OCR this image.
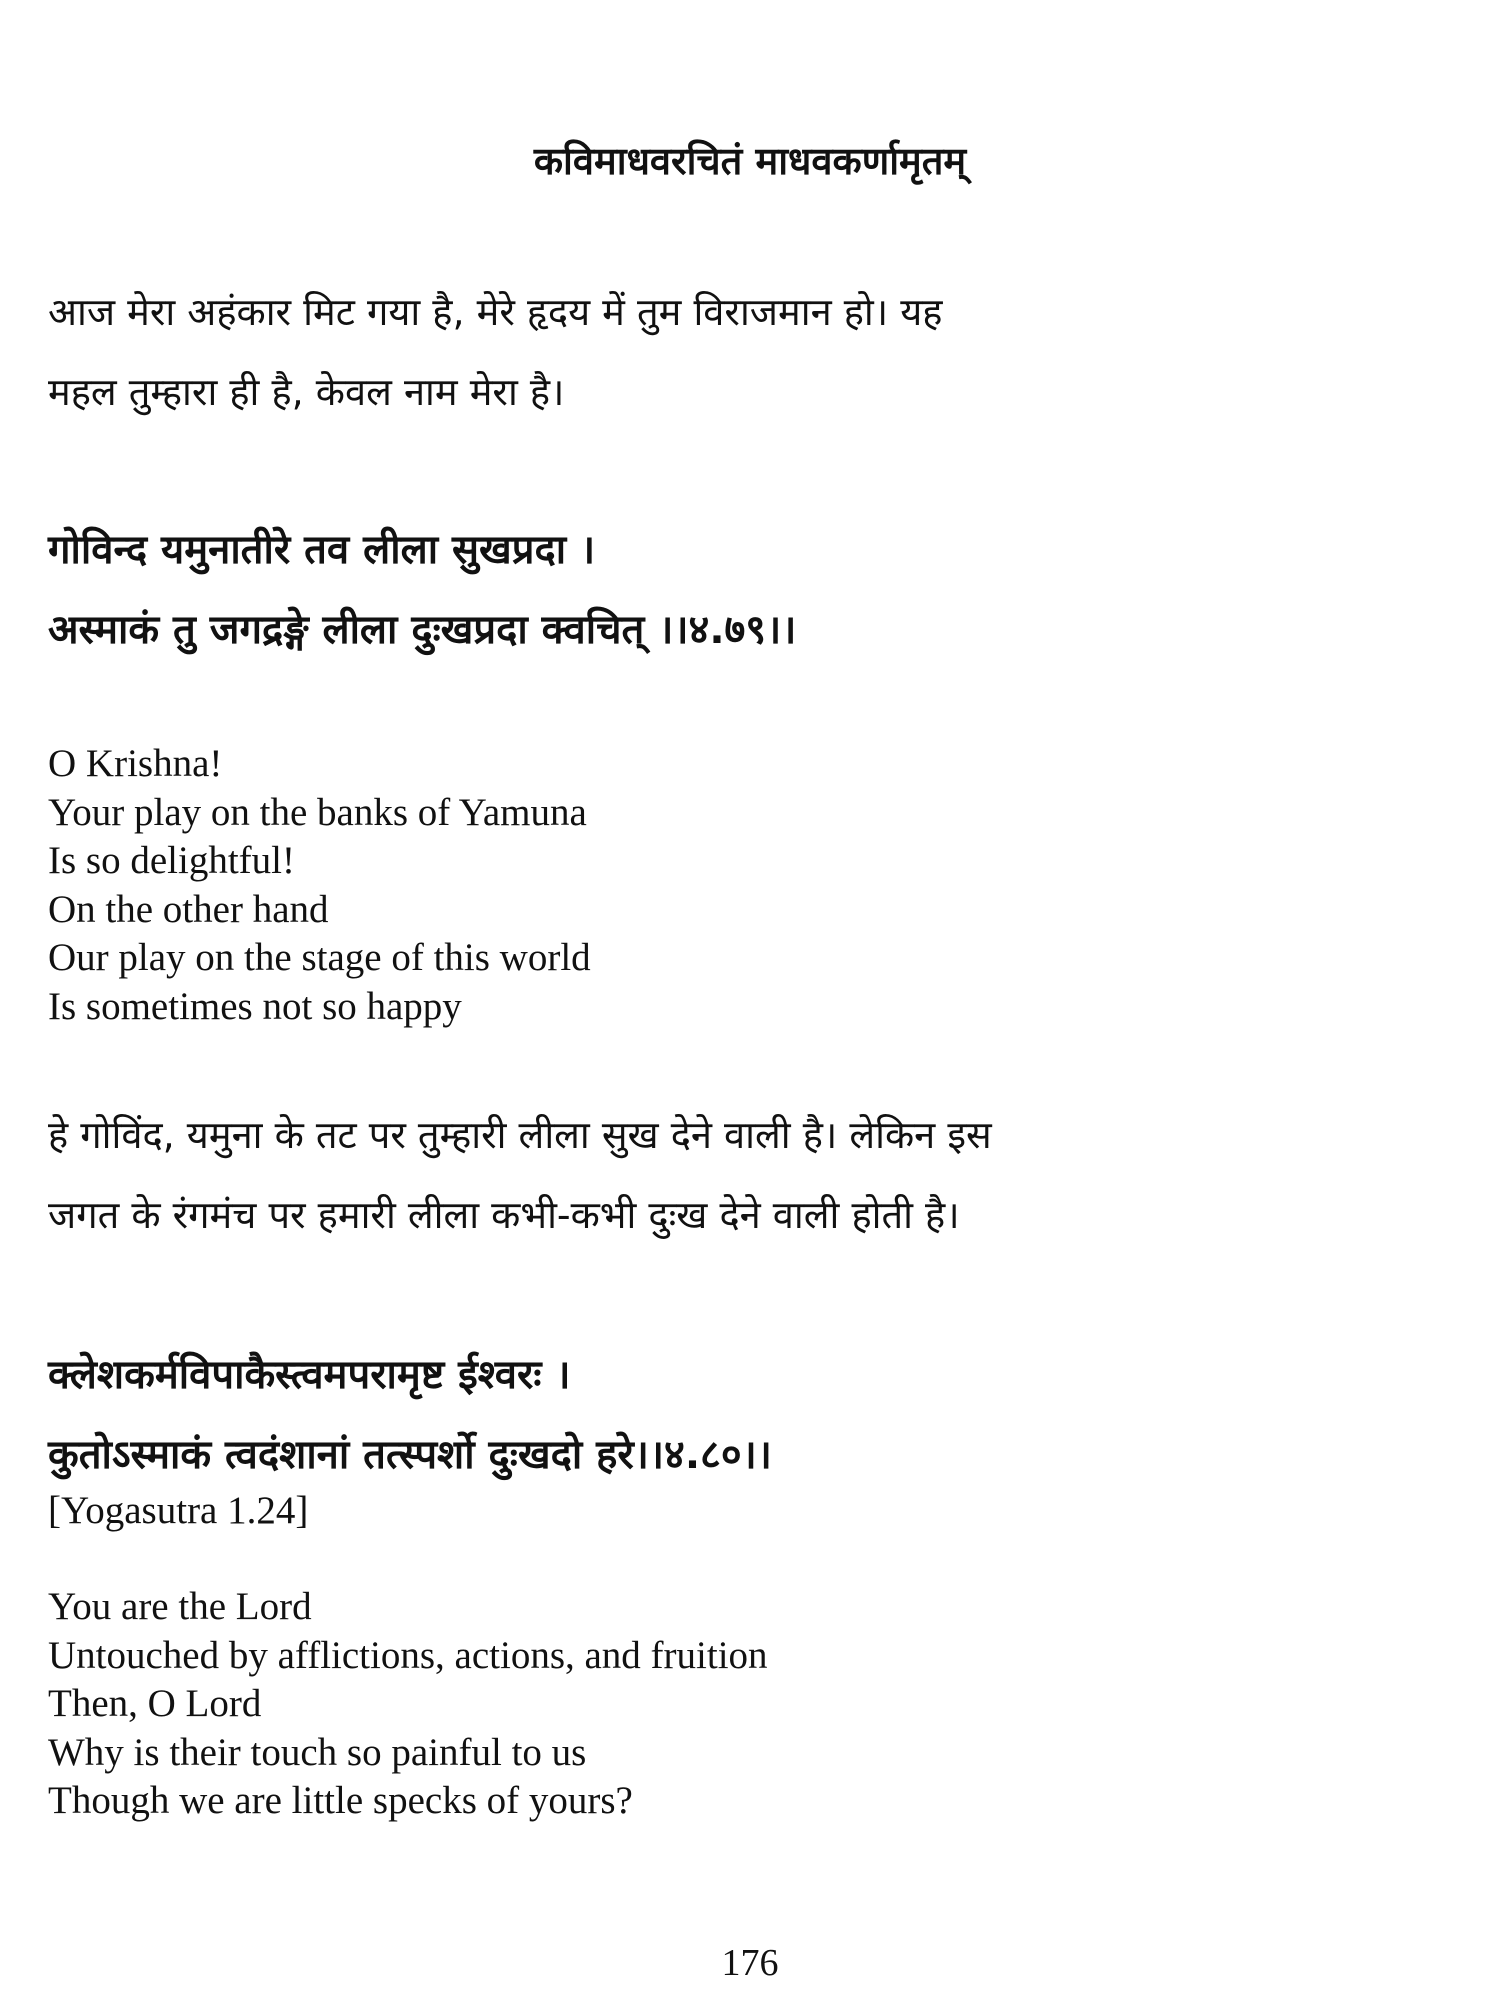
कविमाधवरचितं माधवकर्णामृतम्
आज मेरा अहंकार मिट गया है, मेरे हृदय में तुम विराजमान हो। यह
महल तुम्हारा ही है, केवल नाम मेरा है।
गोविन्द यमुनातीरे तव लीला सुखप्रदा ।
अस्माकं तु जगद्रङ्गे लीला दुःखप्रदा क्वचित् ।।४.७९।।
O Krishna!
Your play on the banks of Yamuna
Is so delightful!
On the other hand
Our play on the stage of this world
Is sometimes not so happy
हे गोविंद, यमुना के तट पर तुम्हारी लीला सुख देने वाली है। लेकिन इस
जगत के रंगमंच पर हमारी लीला कभी-कभी दुःख देने वाली होती है।
क्लेशकर्मविपाकैस्त्वमपरामृष्ट ईश्वरः ।
कुतोऽस्माकं त्वदंशानां तत्स्पर्शो दुःखदो हरे।।४.८०।।
[Yogasutra 1.24]
You are the Lord
Untouched by afflictions, actions, and fruition
Then, O Lord
Why is their touch so painful to us
Though we are little specks of yours?
176
